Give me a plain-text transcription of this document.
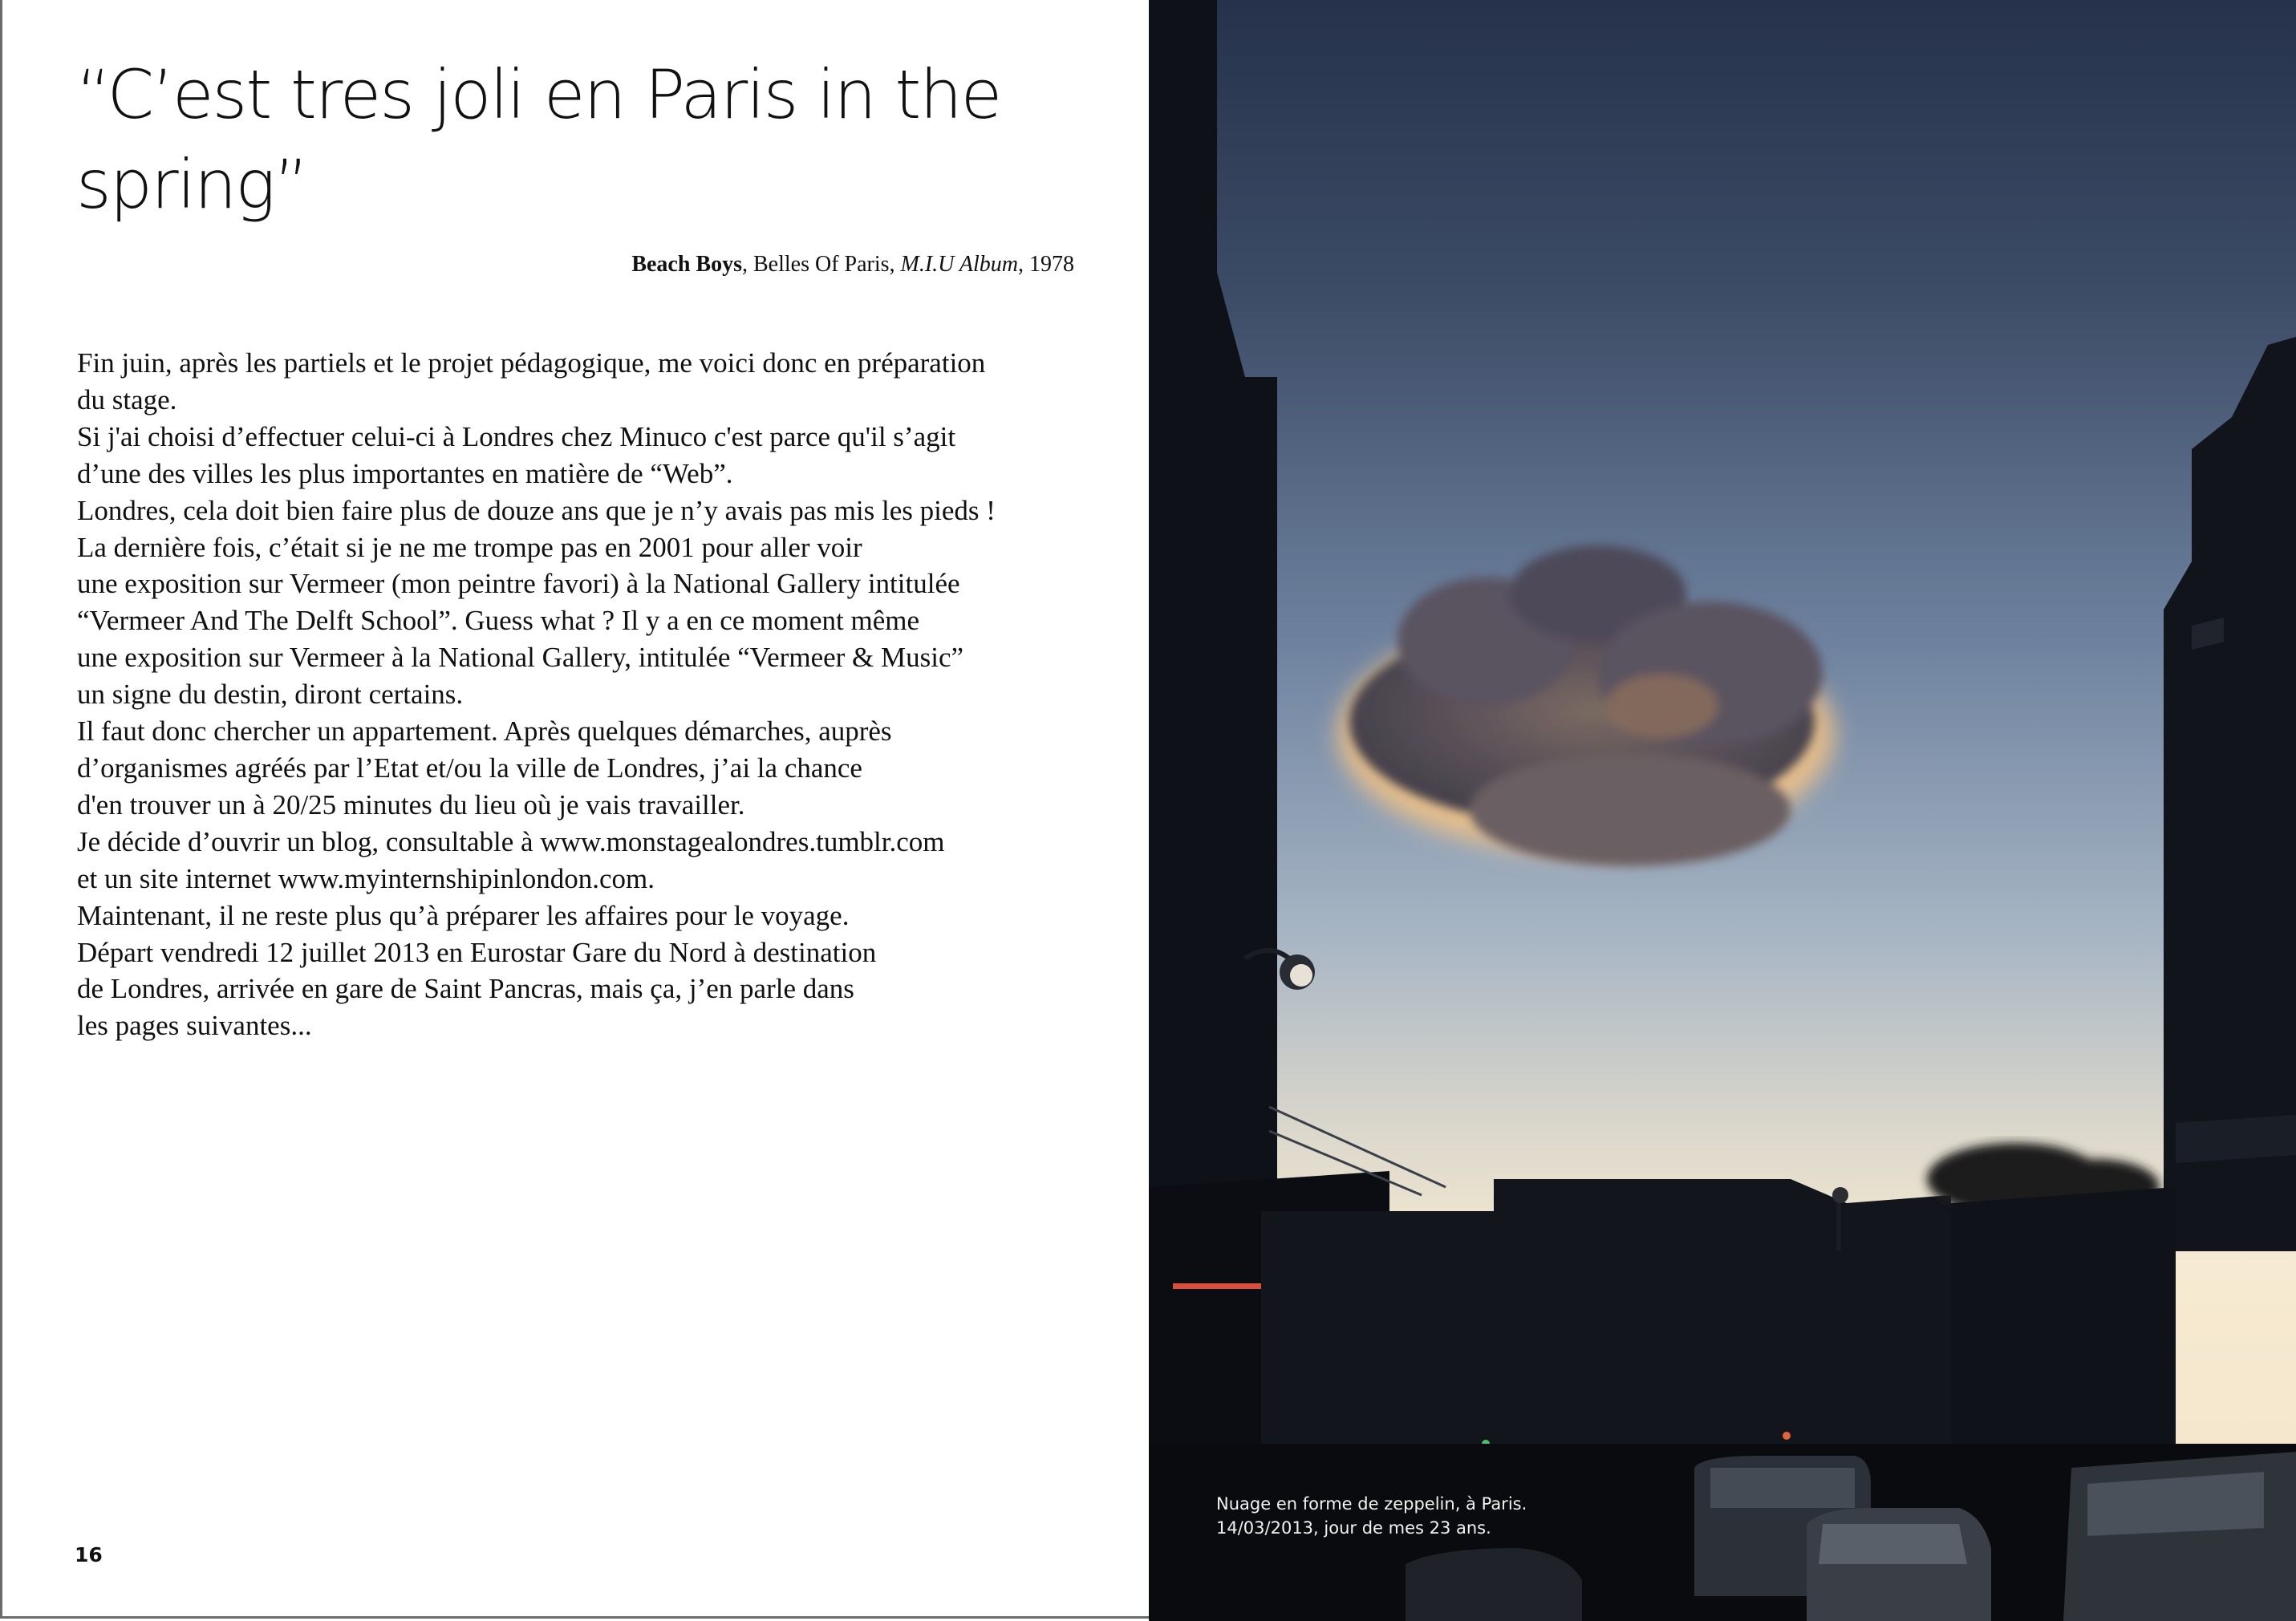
“C’est tres joli en Paris in the
spring”
Beach Boys, Belles Of Paris, M.I.U Album, 1978
Fin juin, après les partiels et le projet pédagogique, me voici donc en préparation
du stage.
Si j'ai choisi d’effectuer celui-ci à Londres chez Minuco c'est parce qu'il s’agit
d’une des villes les plus importantes en matière de “Web”.
Londres, cela doit bien faire plus de douze ans que je n’y avais pas mis les pieds !
La dernière fois, c’était si je ne me trompe pas en 2001 pour aller voir
une exposition sur Vermeer (mon peintre favori) à la National Gallery intitulée
“Vermeer And The Delft School”. Guess what ? Il y a en ce moment même
une exposition sur Vermeer à la National Gallery, intitulée “Vermeer & Music”
un signe du destin, diront certains.
Il faut donc chercher un appartement. Après quelques démarches, auprès
d’organismes agréés par l’Etat et/ou la ville de Londres, j’ai la chance
d'en trouver un à 20/25 minutes du lieu où je vais travailler.
Je décide d’ouvrir un blog, consultable à www.monstagealondres.tumblr.com
et un site internet www.myinternshipinlondon.com.
Maintenant, il ne reste plus qu’à préparer les affaires pour le voyage.
Départ vendredi 12 juillet 2013 en Eurostar Gare du Nord à destination
de Londres, arrivée en gare de Saint Pancras, mais ça, j’en parle dans
les pages suivantes...
16
Nuage en forme de zeppelin, à Paris.
14/03/2013, jour de mes 23 ans.
